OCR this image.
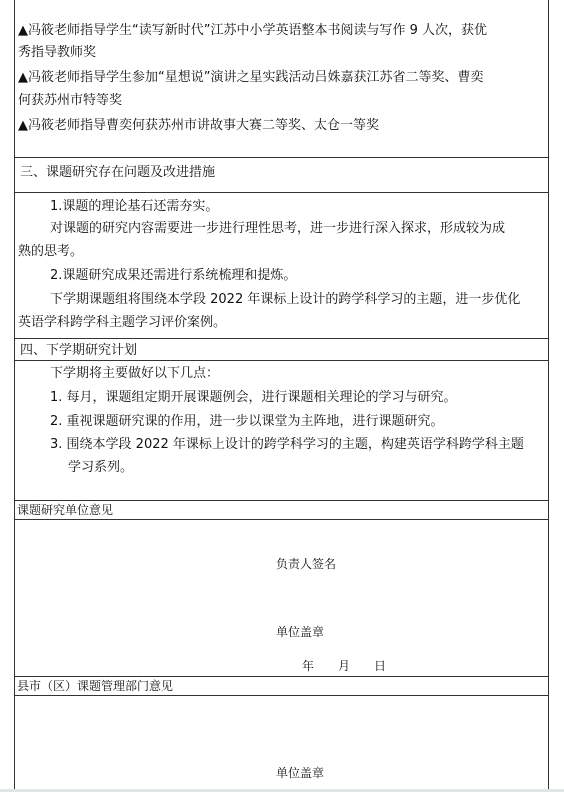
▲冯筱老师指导学生“读写新时代”江苏中小学英语整本书阅读与写作 9 人次，获优
秀指导教师奖
▲冯筱老师指导学生参加“星想说”演讲之星实践活动吕姝嘉获江苏省二等奖、曹奕
何获苏州市特等奖
▲冯筱老师指导曹奕何获苏州市讲故事大赛二等奖、太仓一等奖
三、课题研究存在问题及改进措施
1.课题的理论基石还需夯实。
对课题的研究内容需要进一步进行理性思考，进一步进行深入探求，形成较为成
熟的思考。
2.课题研究成果还需进行系统梳理和提炼。
下学期课题组将围绕本学段 2022 年课标上设计的跨学科学习的主题，进一步优化
英语学科跨学科主题学习评价案例。
四、下学期研究计划
下学期将主要做好以下几点：
1. 每月，课题组定期开展课题例会，进行课题相关理论的学习与研究。
2. 重视课题研究课的作用，进一步以课堂为主阵地，进行课题研究。
3. 围绕本学段 2022 年课标上设计的跨学科学习的主题，构建英语学科跨学科主题
学习系列。
课题研究单位意见
负责人签名
单位盖章
年　　月　　日
县市（区）课题管理部门意见
单位盖章
